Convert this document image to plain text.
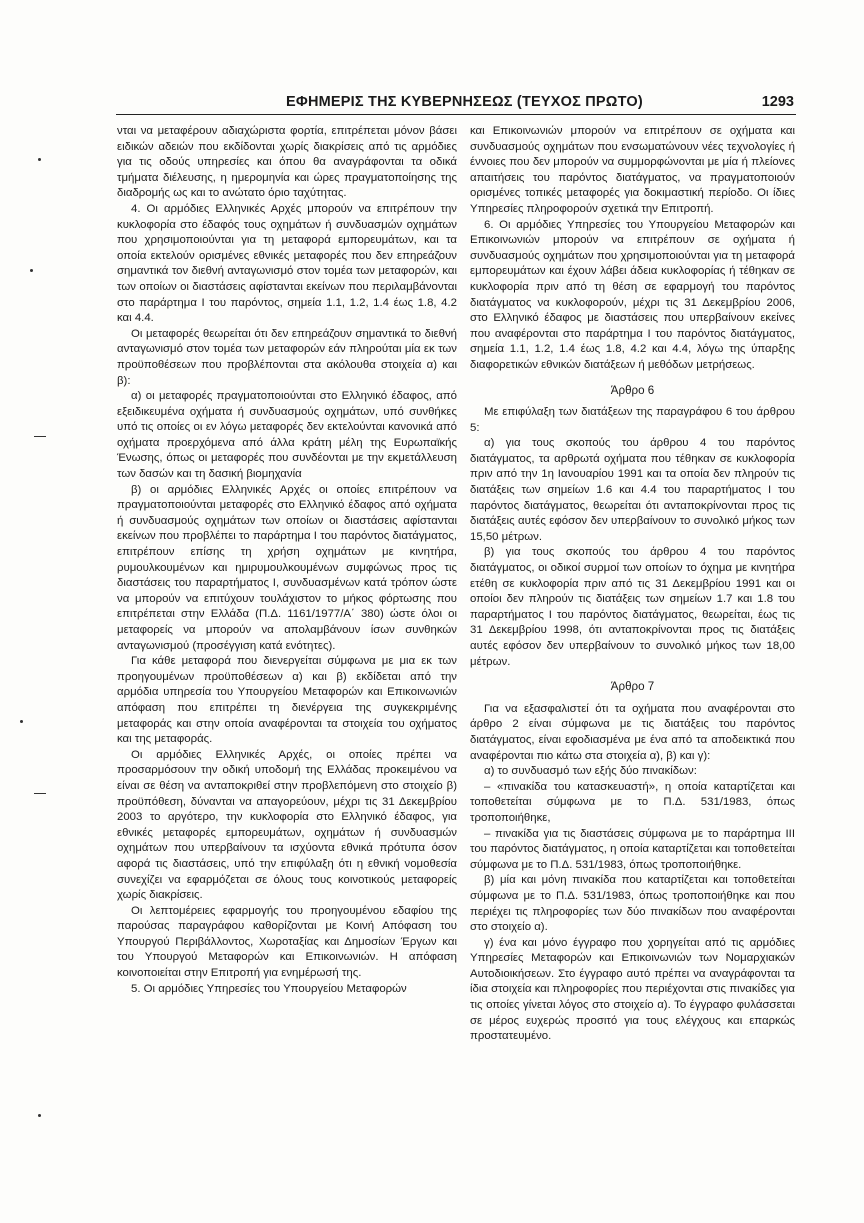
ΕΦΗΜΕΡΙΣ ΤΗΣ ΚΥΒΕΡΝΗΣΕΩΣ (ΤΕΥΧΟΣ ΠΡΩΤΟ)	1293

νται να μεταφέρουν αδιαχώριστα φορτία, επιτρέπεται μόνον βάσει ειδικών αδειών που εκδίδονται χωρίς διακρίσεις από τις αρμόδιες για τις οδούς υπηρεσίες και όπου θα αναγράφονται τα οδικά τμήματα διέλευσης, η ημερομηνία και ώρες πραγματοποίησης της διαδρομής ως και το ανώτατο όριο ταχύτητας.

4. Οι αρμόδιες Ελληνικές Αρχές μπορούν να επιτρέπουν την κυκλοφορία στο έδαφός τους οχημάτων ή συνδυασμών οχημάτων που χρησιμοποιούνται για τη μεταφορά εμπορευμάτων, και τα οποία εκτελούν ορισμένες εθνικές μεταφορές που δεν επηρεάζουν σημαντικά τον διεθνή ανταγωνισμό στον τομέα των μεταφορών, και των οποίων οι διαστάσεις αφίστανται εκείνων που περιλαμβάνονται στο παράρτημα Ι του παρόντος, σημεία 1.1, 1.2, 1.4 έως 1.8, 4.2 και 4.4.

Οι μεταφορές θεωρείται ότι δεν επηρεάζουν σημαντικά το διεθνή ανταγωνισμό στον τομέα των μεταφορών εάν πληρούται μία εκ των προϋποθέσεων που προβλέπονται στα ακόλουθα στοιχεία α) και β):

α) οι μεταφορές πραγματοποιούνται στο Ελληνικό έδαφος, από εξειδικευμένα οχήματα ή συνδυασμούς οχημάτων, υπό συνθήκες υπό τις οποίες οι εν λόγω μεταφορές δεν εκτελούνται κανονικά από οχήματα προερχόμενα από άλλα κράτη μέλη της Ευρωπαϊκής Ένωσης, όπως οι μεταφορές που συνδέονται με την εκμετάλλευση των δασών και τη δασική βιομηχανία

β) οι αρμόδιες Ελληνικές Αρχές οι οποίες επιτρέπουν να πραγματοποιούνται μεταφορές στο Ελληνικό έδαφος από οχήματα ή συνδυασμούς οχημάτων των οποίων οι διαστάσεις αφίστανται εκείνων που προβλέπει το παράρτημα Ι του παρόντος διατάγματος, επιτρέπουν επίσης τη χρήση οχημάτων με κινητήρα, ρυμουλκουμένων και ημιρυμουλκουμένων συμφώνως προς τις διαστάσεις του παραρτήματος Ι, συνδυασμένων κατά τρόπον ώστε να μπορούν να επιτύχουν τουλάχιστον το μήκος φόρτωσης που επιτρέπεται στην Ελλάδα (Π.Δ. 1161/1977/Α΄ 380) ώστε όλοι οι μεταφορείς να μπορούν να απολαμβάνουν ίσων συνθηκών ανταγωνισμού (προσέγγιση κατά ενότητες).

Για κάθε μεταφορά που διενεργείται σύμφωνα με μια εκ των προηγουμένων προϋποθέσεων α) και β) εκδίδεται από την αρμόδια υπηρεσία του Υπουργείου Μεταφορών και Επικοινωνιών απόφαση που επιτρέπει τη διενέργεια της συγκεκριμένης μεταφοράς και στην οποία αναφέρονται τα στοιχεία του οχήματος και της μεταφοράς.

Οι αρμόδιες Ελληνικές Αρχές, οι οποίες πρέπει να προσαρμόσουν την οδική υποδομή της Ελλάδας προκειμένου να είναι σε θέση να ανταποκριθεί στην προβλεπόμενη στο στοιχείο β) προϋπόθεση, δύνανται να απαγορεύουν, μέχρι τις 31 Δεκεμβρίου 2003 το αργότερο, την κυκλοφορία στο Ελληνικό έδαφος, για εθνικές μεταφορές εμπορευμάτων, οχημάτων ή συνδυασμών οχημάτων που υπερβαίνουν τα ισχύοντα εθνικά πρότυπα όσον αφορά τις διαστάσεις, υπό την επιφύλαξη ότι η εθνική νομοθεσία συνεχίζει να εφαρμόζεται σε όλους τους κοινοτικούς μεταφορείς χωρίς διακρίσεις.

Οι λεπτομέρειες εφαρμογής του προηγουμένου εδαφίου της παρούσας παραγράφου καθορίζονται με Κοινή Απόφαση του Υπουργού Περιβάλλοντος, Χωροταξίας και Δημοσίων Έργων και του Υπουργού Μεταφορών και Επικοινωνιών. Η απόφαση κοινοποιείται στην Επιτροπή για ενημέρωσή της.

5. Οι αρμόδιες Υπηρεσίες του Υπουργείου Μεταφορών

και Επικοινωνιών μπορούν να επιτρέπουν σε οχήματα και συνδυασμούς οχημάτων που ενσωματώνουν νέες τεχνολογίες ή έννοιες που δεν μπορούν να συμμορφώνονται με μία ή πλείονες απαιτήσεις του παρόντος διατάγματος, να πραγματοποιούν ορισμένες τοπικές μεταφορές για δοκιμαστική περίοδο. Οι ίδιες Υπηρεσίες πληροφορούν σχετικά την Επιτροπή.

6. Οι αρμόδιες Υπηρεσίες του Υπουργείου Μεταφορών και Επικοινωνιών μπορούν να επιτρέπουν σε οχήματα ή συνδυασμούς οχημάτων που χρησιμοποιούνται για τη μεταφορά εμπορευμάτων και έχουν λάβει άδεια κυκλοφορίας ή τέθηκαν σε κυκλοφορία πριν από τη θέση σε εφαρμογή του παρόντος διατάγματος να κυκλοφορούν, μέχρι τις 31 Δεκεμβρίου 2006, στο Ελληνικό έδαφος με διαστάσεις που υπερβαίνουν εκείνες που αναφέρονται στο παράρτημα Ι του παρόντος διατάγματος, σημεία 1.1, 1.2, 1.4 έως 1.8, 4.2 και 4.4, λόγω της ύπαρξης διαφορετικών εθνικών διατάξεων ή μεθόδων μετρήσεως.

Άρθρο 6

Με επιφύλαξη των διατάξεων της παραγράφου 6 του άρθρου 5:

α) για τους σκοπούς του άρθρου 4 του παρόντος διατάγματος, τα αρθρωτά οχήματα που τέθηκαν σε κυκλοφορία πριν από την 1η Ιανουαρίου 1991 και τα οποία δεν πληρούν τις διατάξεις των σημείων 1.6 και 4.4 του παραρτήματος Ι του παρόντος διατάγματος, θεωρείται ότι ανταποκρίνονται προς τις διατάξεις αυτές εφόσον δεν υπερβαίνουν το συνολικό μήκος των 15,50 μέτρων.

β) για τους σκοπούς του άρθρου 4 του παρόντος διατάγματος, οι οδικοί συρμοί των οποίων το όχημα με κινητήρα ετέθη σε κυκλοφορία πριν από τις 31 Δεκεμβρίου 1991 και οι οποίοι δεν πληρούν τις διατάξεις των σημείων 1.7 και 1.8 του παραρτήματος Ι του παρόντος διατάγματος, θεωρείται, έως τις 31 Δεκεμβρίου 1998, ότι ανταποκρίνονται προς τις διατάξεις αυτές εφόσον δεν υπερβαίνουν το συνολικό μήκος των 18,00 μέτρων.

Άρθρο 7

Για να εξασφαλιστεί ότι τα οχήματα που αναφέρονται στο άρθρο 2 είναι σύμφωνα με τις διατάξεις του παρόντος διατάγματος, είναι εφοδιασμένα με ένα από τα αποδεικτικά που αναφέρονται πιο κάτω στα στοιχεία α), β) και γ):

α) το συνδυασμό των εξής δύο πινακίδων:

– «πινακίδα του κατασκευαστή», η οποία καταρτίζεται και τοποθετείται σύμφωνα με το Π.Δ. 531/1983, όπως τροποποιήθηκε,

– πινακίδα για τις διαστάσεις σύμφωνα με το παράρτημα ΙΙΙ του παρόντος διατάγματος, η οποία καταρτίζεται και τοποθετείται σύμφωνα με το Π.Δ. 531/1983, όπως τροποποιήθηκε.

β) μία και μόνη πινακίδα που καταρτίζεται και τοποθετείται σύμφωνα με το Π.Δ. 531/1983, όπως τροποποιήθηκε και που περιέχει τις πληροφορίες των δύο πινακίδων που αναφέρονται στο στοιχείο α).

γ) ένα και μόνο έγγραφο που χορηγείται από τις αρμόδιες Υπηρεσίες Μεταφορών και Επικοινωνιών των Νομαρχιακών Αυτοδιοικήσεων. Στο έγγραφο αυτό πρέπει να αναγράφονται τα ίδια στοιχεία και πληροφορίες που περιέχονται στις πινακίδες για τις οποίες γίνεται λόγος στο στοιχείο α). Το έγγραφο φυλάσσεται σε μέρος ευχερώς προσιτό για τους ελέγχους και επαρκώς προστατευμένο.
